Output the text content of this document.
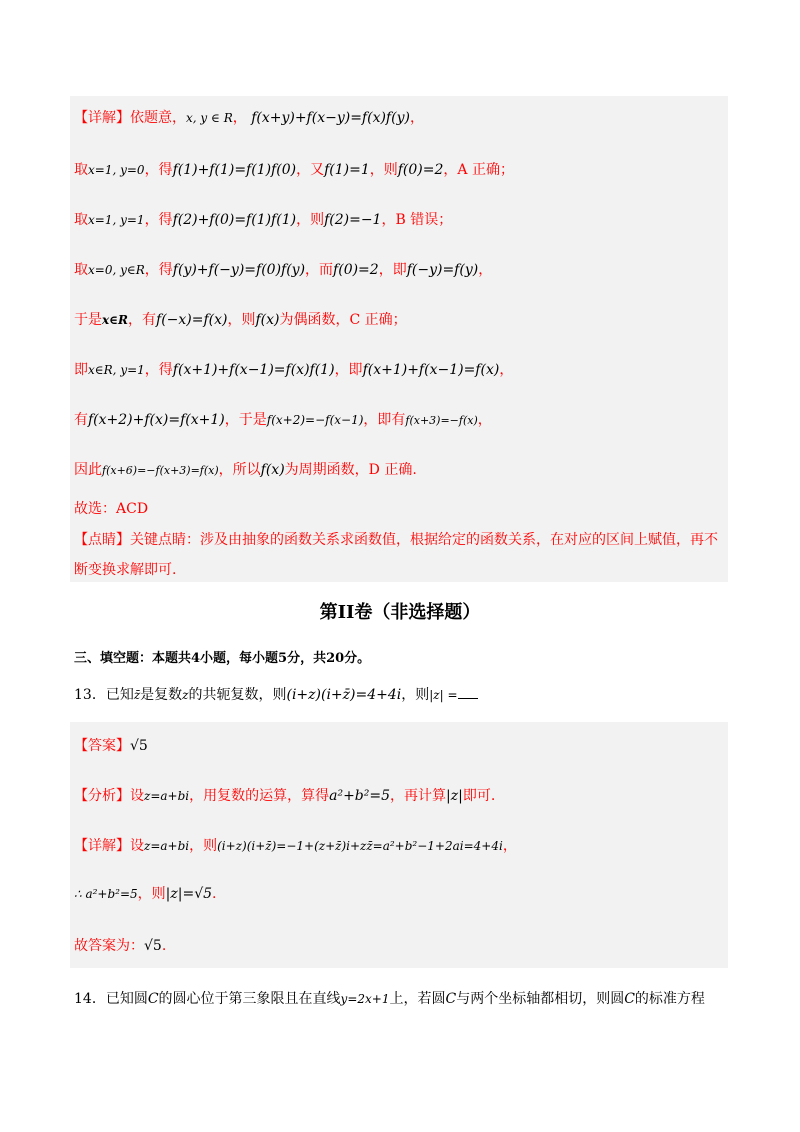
【详解】依题意，x, y ∈ R， f(x+y)+f(x−y)=f(x)f(y)，
取x=1, y=0，得f(1)+f(1)=f(1)f(0)，又f(1)=1，则f(0)=2，A 正确；
取x=1, y=1，得f(2)+f(0)=f(1)f(1)，则f(2)=−1，B 错误；
取x=0, y∈R，得f(y)+f(−y)=f(0)f(y)，而f(0)=2，即f(−y)=f(y)，
于是x∈R，有f(−x)=f(x)，则f(x)为偶函数，C 正确；
即x∈R, y=1，得f(x+1)+f(x−1)=f(x)f(1)，即f(x+1)+f(x−1)=f(x)，
有f(x+2)+f(x)=f(x+1)，于是f(x+2)=−f(x−1)，即有f(x+3)=−f(x)，
因此f(x+6)=−f(x+3)=f(x)，所以f(x)为周期函数，D 正确.
故选：ACD
【点睛】关键点睛：涉及由抽象的函数关系求函数值，根据给定的函数关系，在对应的区间上赋值，再不断变换求解即可.
第II卷（非选择题）
三、填空题：本题共4小题，每小题5分，共20分。
13．已知z̄是复数z的共轭复数，则(i+z)(i+z̄)=4+4i，则|z| =
【答案】√5
【分析】设z=a+bi，用复数的运算，算得a²+b²=5，再计算|z|即可.
【详解】设z=a+bi，则(i+z)(i+z̄)=−1+(z+z̄)i+zz̄=a²+b²−1+2ai=4+4i，
∴ a²+b²=5，则|z|=√5.
故答案为：√5.
14．已知圆C的圆心位于第三象限且在直线y=2x+1上，若圆C与两个坐标轴都相切，则圆C的标准方程
